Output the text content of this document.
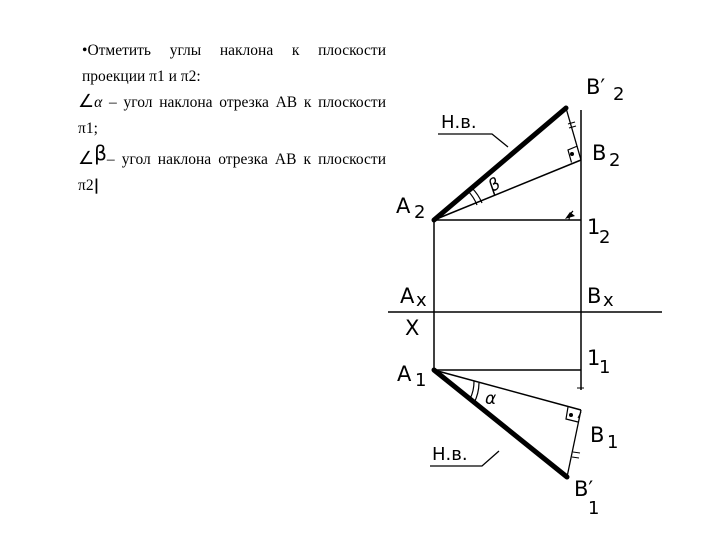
•Отметить углы наклона к плоскости проекции π1 и π2:

∠α – угол наклона отрезка АВ к плоскости π1;

∠β– угол наклона отрезка АВ к плоскости π2|

B′ 2
B 2
A 2
1
2
A x	B x
X
1
1
A 1
B 1
B′
1
Н.в.
Н.в.
β
α
